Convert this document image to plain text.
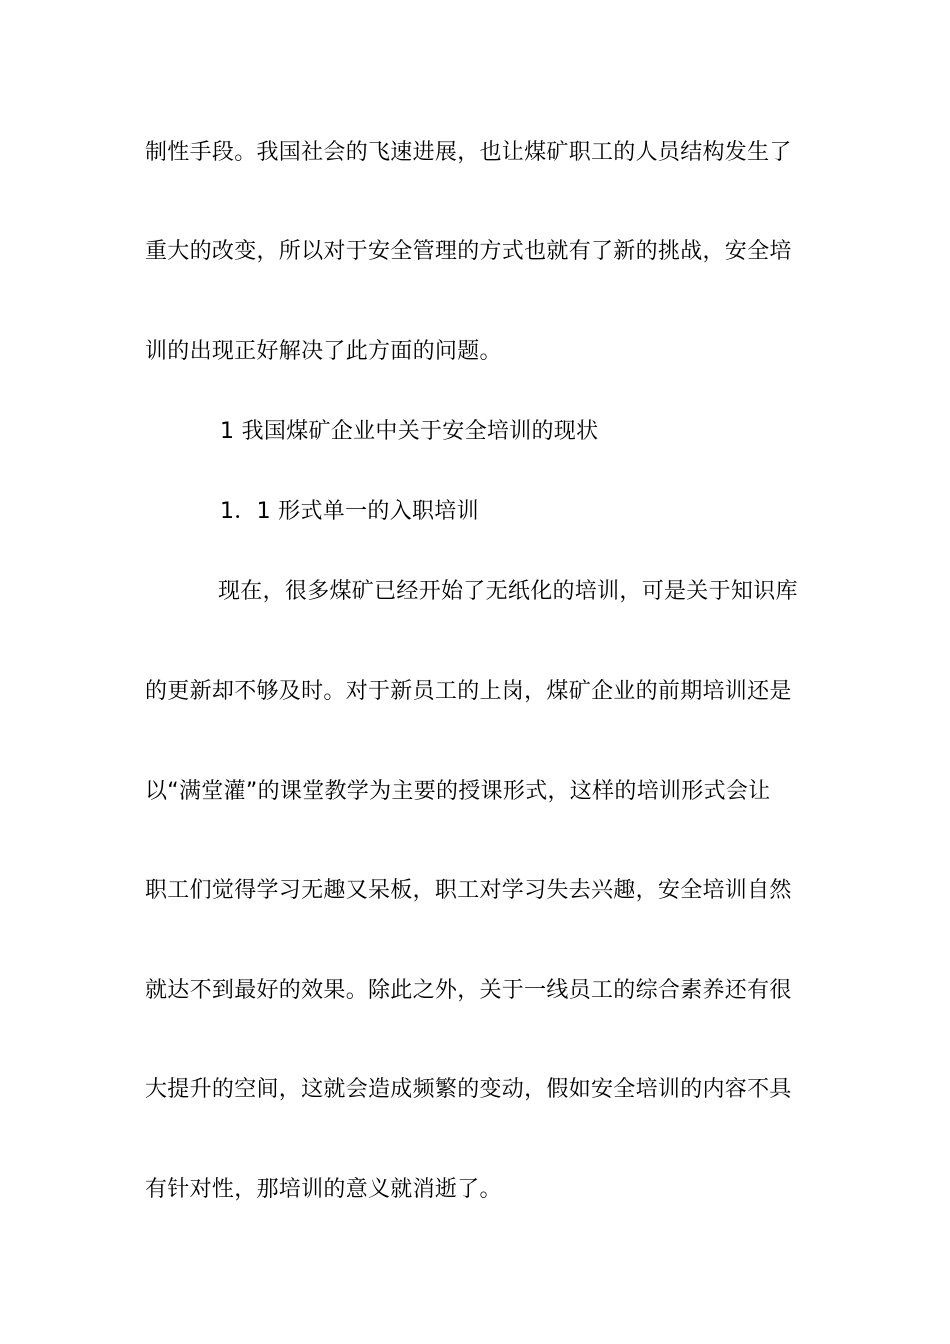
制性手段。我国社会的飞速进展，也让煤矿职工的人员结构发生了
重大的改变，所以对于安全管理的方式也就有了新的挑战，安全培
训的出现正好解决了此方面的问题。
1 我国煤矿企业中关于安全培训的现状
1．1 形式单一的入职培训
现在，很多煤矿已经开始了无纸化的培训，可是关于知识库
的更新却不够及时。对于新员工的上岗，煤矿企业的前期培训还是
以“满堂灌”的课堂教学为主要的授课形式，这样的培训形式会让
职工们觉得学习无趣又呆板，职工对学习失去兴趣，安全培训自然
就达不到最好的效果。除此之外，关于一线员工的综合素养还有很
大提升的空间，这就会造成频繁的变动，假如安全培训的内容不具
有针对性，那培训的意义就消逝了。
